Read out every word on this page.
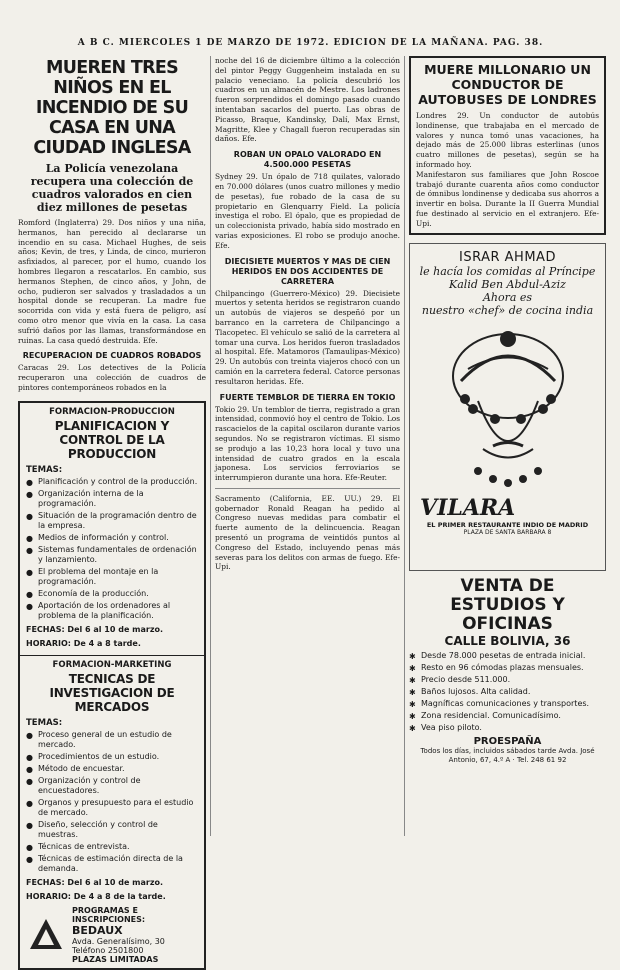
A B C. MIERCOLES 1 DE MARZO DE 1972. EDICION DE LA MAÑANA. PAG. 38.
MUEREN TRES NIÑOS EN EL INCENDIO DE SU CASA EN UNA CIUDAD INGLESA
La Policía venezolana recupera una colección de cuadros valorados en cien diez millones de pesetas

Romford (Inglaterra) 29. Dos niños y una niña, hermanos, han perecido al declararse un incendio en su casa. Michael Hughes, de seis años; Kevin, de tres, y Linda, de cinco, murieron asfixiados, al parecer, por el humo, cuando los hombres llegaron a rescatarlos. En cambio, sus hermanos Stephen, de cinco años, y John, de ocho, pudieron ser salvados y trasladados a un hospital donde se recuperan. La madre fue socorrida con vida y está fuera de peligro, así como otro menor que vivía en la casa. La casa sufrió daños por las llamas, transformándose en ruinas. La casa quedó destruida. Efe.

RECUPERACION DE CUADROS ROBADOS

Caracas 29. Los detectives de la Policía recuperaron una colección de cuadros de pintores contemporáneos robados en la

FORMACION-PRODUCCION
PLANIFICACION Y CONTROL DE LA PRODUCCION
TEMAS:
● Planificación y control de la producción.
● Organización interna de la programación.
● Situación de la programación dentro de la empresa.
● Medios de información y control.
● Sistemas fundamentales de ordenación y lanzamiento.
● El problema del montaje en la programación.
● Economía de la producción.
● Aportación de los ordenadores al problema de la planificación.
FECHAS: Del 6 al 10 de marzo.
HORARIO: De 4 a 8 tarde.
FORMACION-MARKETING
TECNICAS DE INVESTIGACION DE MERCADOS
TEMAS:
● Proceso general de un estudio de mercado.
● Procedimientos de un estudio.
● Método de encuestar.
● Organización y control de encuestadores.
● Organos y presupuesto para el estudio de mercado.
● Diseño, selección y control de muestras.
● Técnicas de entrevista.
● Técnicas de estimación directa de la demanda.
FECHAS: Del 6 al 10 de marzo.
HORARIO: De 4 a 8 de la tarde.
PROGRAMAS E INSCRIPCIONES:
BEDAUX
Avda. Generalísimo, 30
Teléfono 2501800
PLAZAS LIMITADAS

noche del 16 de diciembre último a la colección del pintor Peggy Guggenheim instalada en su palacio veneciano. La policía descubrió los cuadros en un almacén de Mestre. Los ladrones fueron sorprendidos el domingo pasado cuando intentaban sacarlos del puerto. Las obras de Picasso, Braque, Kandinsky, Dalí, Max Ernst, Magritte, Klee y Chagall fueron recuperadas sin daños. Efe.

ROBAN UN OPALO VALORADO EN 4.500.000 PESETAS

Sydney 29. Un ópalo de 718 quilates, valorado en 70.000 dólares (unos cuatro millones y medio de pesetas), fue robado de la casa de su propietario en Glenquarry Field. La policía investiga el robo. El ópalo, que es propiedad de un coleccionista privado, había sido mostrado en varias exposiciones. El robo se produjo anoche. Efe.

DIECISIETE MUERTOS Y MAS DE CIEN HERIDOS EN DOS ACCIDENTES DE CARRETERA

Chilpancingo (Guerrero-México) 29. Diecisiete muertos y setenta heridos se registraron cuando un autobús de viajeros se despeñó por un barranco en la carretera de Chilpancingo a Tlacopetec. El vehículo se salió de la carretera al tomar una curva. Los heridos fueron trasladados al hospital. Efe. Matamoros (Tamaulipas-México) 29. Un autobús con treinta viajeros chocó con un camión en la carretera federal. Catorce personas resultaron heridas. Efe.

FUERTE TEMBLOR DE TIERRA EN TOKIO

Tokio 29. Un temblor de tierra, registrado a gran intensidad, conmovió hoy el centro de Tokio. Los rascacielos de la capital oscilaron durante varios segundos. No se registraron víctimas. El sismo se produjo a las 10,23 hora local y tuvo una intensidad de cuatro grados en la escala japonesa. Los servicios ferroviarios se interrumpieron durante una hora. Efe-Reuter.

Sacramento (California, EE. UU.) 29. El gobernador Ronald Reagan ha pedido al Congreso nuevas medidas para combatir el fuerte aumento de la delincuencia. Reagan presentó un programa de veintidós puntos al Congreso del Estado, incluyendo penas más severas para los delitos con armas de fuego. Efe-Upi.

MUERE MILLONARIO UN CONDUCTOR DE AUTOBUSES DE LONDRES

Londres 29. Un conductor de autobús londinense, que trabajaba en el mercado de valores y nunca tomó unas vacaciones, ha dejado más de 25.000 libras esterlinas (unos cuatro millones de pesetas), según se ha informado hoy.

Manifestaron sus familiares que John Roscoe trabajó durante cuarenta años como conductor de ómnibus londinense y dedicaba sus ahorros a invertir en bolsa. Durante la II Guerra Mundial fue destinado al servicio en el extranjero. Efe-Upi.

ISRAR AHMAD
le hacía los comidas al Príncipe
Kalid Ben Abdul-Aziz
Ahora es
nuestro «chef» de cocina india
VILARA
EL PRIMER RESTAURANTE INDIO DE MADRID
PLAZA DE SANTA BARBARA 8
VENTA DE
ESTUDIOS Y OFICINAS
CALLE BOLIVIA, 36
✱ Desde 78.000 pesetas de entrada inicial.
✱ Resto en 96 cómodas plazas mensuales.
✱ Precio desde 511.000.
✱ Baños lujosos. Alta calidad.
✱ Magníficas comunicaciones y transportes.
✱ Zona residencial. Comunicadísimo.
✱ Vea piso piloto.
PROESPAÑA
Todos los días, incluidos sábados tarde Avda. José Antonio, 67, 4.º A · Tel. 248 61 92
